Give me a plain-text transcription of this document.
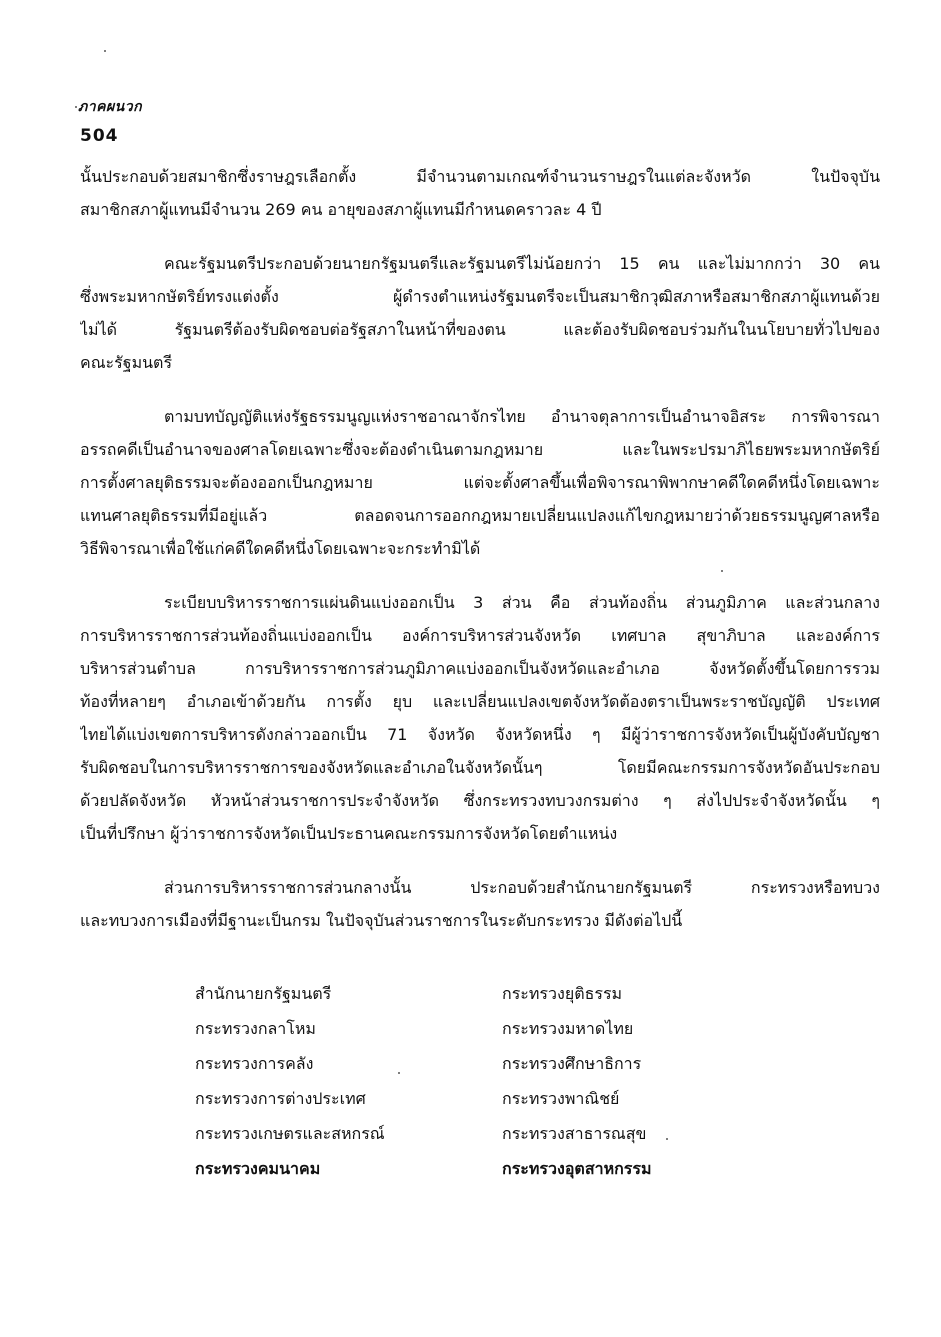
ภาคผนวก
504

นั้นประกอบด้วยสมาชิกซึ่งราษฎรเลือกตั้ง มีจำนวนตามเกณฑ์จำนวนราษฎรในแต่ละจังหวัด ในปัจจุบัน
สมาชิกสภาผู้แทนมีจำนวน 269 คน อายุของสภาผู้แทนมีกำหนดคราวละ 4 ปี

คณะรัฐมนตรีประกอบด้วยนายกรัฐมนตรีและรัฐมนตรีไม่น้อยกว่า 15 คน และไม่มากกว่า 30 คน
ซึ่งพระมหากษัตริย์ทรงแต่งตั้ง ผู้ดำรงตำแหน่งรัฐมนตรีจะเป็นสมาชิกวุฒิสภาหรือสมาชิกสภาผู้แทนด้วย
ไม่ได้ รัฐมนตรีต้องรับผิดชอบต่อรัฐสภาในหน้าที่ของตน และต้องรับผิดชอบร่วมกันในนโยบายทั่วไปของ
คณะรัฐมนตรี

ตามบทบัญญัติแห่งรัฐธรรมนูญแห่งราชอาณาจักรไทย อำนาจตุลาการเป็นอำนาจอิสระ การพิจารณา
อรรถคดีเป็นอำนาจของศาลโดยเฉพาะซึ่งจะต้องดำเนินตามกฎหมาย และในพระปรมาภิไธยพระมหากษัตริย์
การตั้งศาลยุติธรรมจะต้องออกเป็นกฎหมาย แต่จะตั้งศาลขึ้นเพื่อพิจารณาพิพากษาคดีใดคดีหนึ่งโดยเฉพาะ
แทนศาลยุติธรรมที่มีอยู่แล้ว ตลอดจนการออกกฎหมายเปลี่ยนแปลงแก้ไขกฎหมายว่าด้วยธรรมนูญศาลหรือ
วิธีพิจารณาเพื่อใช้แก่คดีใดคดีหนึ่งโดยเฉพาะจะกระทำมิได้

ระเบียบบริหารราชการแผ่นดินแบ่งออกเป็น 3 ส่วน คือ ส่วนท้องถิ่น ส่วนภูมิภาค และส่วนกลาง
การบริหารราชการส่วนท้องถิ่นแบ่งออกเป็น องค์การบริหารส่วนจังหวัด เทศบาล สุขาภิบาล และองค์การ
บริหารส่วนตำบล การบริหารราชการส่วนภูมิภาคแบ่งออกเป็นจังหวัดและอำเภอ จังหวัดตั้งขึ้นโดยการรวม
ท้องที่หลายๆ อำเภอเข้าด้วยกัน การตั้ง ยุบ และเปลี่ยนแปลงเขตจังหวัดต้องตราเป็นพระราชบัญญัติ ประเทศ
ไทยได้แบ่งเขตการบริหารดังกล่าวออกเป็น 71 จังหวัด จังหวัดหนึ่ง ๆ มีผู้ว่าราชการจังหวัดเป็นผู้บังคับบัญชา
รับผิดชอบในการบริหารราชการของจังหวัดและอำเภอในจังหวัดนั้นๆ โดยมีคณะกรรมการจังหวัดอันประกอบ
ด้วยปลัดจังหวัด หัวหน้าส่วนราชการประจำจังหวัด ซึ่งกระทรวงทบวงกรมต่าง ๆ ส่งไปประจำจังหวัดนั้น ๆ
เป็นที่ปรึกษา ผู้ว่าราชการจังหวัดเป็นประธานคณะกรรมการจังหวัดโดยตำแหน่ง

ส่วนการบริหารราชการส่วนกลางนั้น ประกอบด้วยสำนักนายกรัฐมนตรี กระทรวงหรือทบวง
และทบวงการเมืองที่มีฐานะเป็นกรม ในปัจจุบันส่วนราชการในระดับกระทรวง มีดังต่อไปนี้

สำนักนายกรัฐมนตรี	กระทรวงยุติธรรม
กระทรวงกลาโหม	กระทรวงมหาดไทย
กระทรวงการคลัง	กระทรวงศึกษาธิการ
กระทรวงการต่างประเทศ	กระทรวงพาณิชย์
กระทรวงเกษตรและสหกรณ์	กระทรวงสาธารณสุข
กระทรวงคมนาคม	กระทรวงอุตสาหกรรม
